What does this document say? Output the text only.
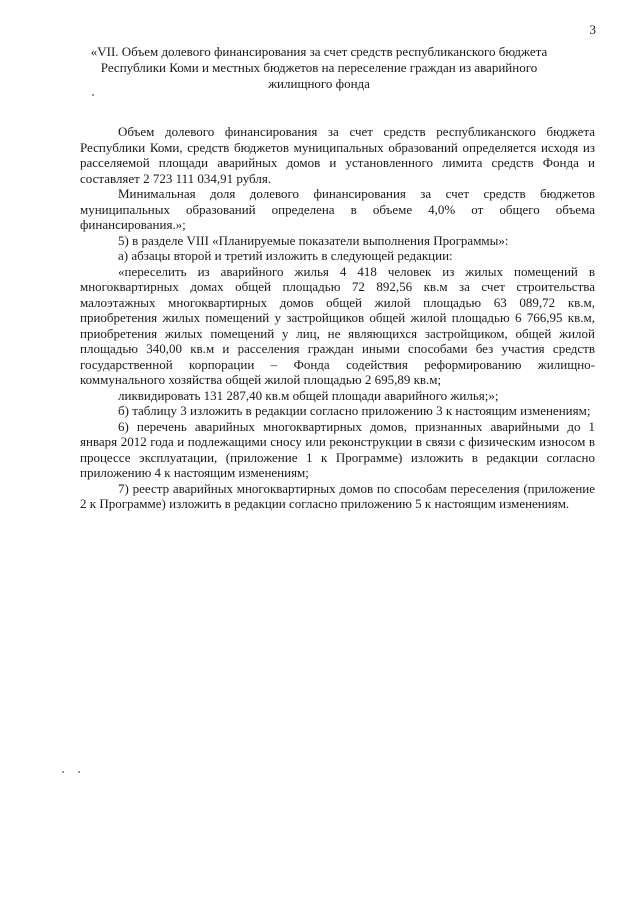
3

«VII. Объем долевого финансирования за счет средств республиканского бюджета Республики Коми и местных бюджетов на переселение граждан из аварийного жилищного фонда

Объем долевого финансирования за счет средств республиканского бюджета Республики Коми, средств бюджетов муниципальных образований определяется исходя из расселяемой площади аварийных домов и установленного лимита средств Фонда и составляет 2 723 111 034,91 рубля.

Минимальная доля долевого финансирования за счет средств бюджетов муниципальных образований определена в объеме 4,0% от общего объема финансирования.»;

5) в разделе VIII «Планируемые показатели выполнения Программы»:

а) абзацы второй и третий изложить в следующей редакции:

«переселить из аварийного жилья 4 418 человек из жилых помещений в многоквартирных домах общей площадью 72 892,56 кв.м за счет строительства малоэтажных многоквартирных домов общей жилой площадью 63 089,72 кв.м, приобретения жилых помещений у застройщиков общей жилой площадью 6 766,95 кв.м, приобретения жилых помещений у лиц, не являющихся застройщиком, общей жилой площадью 340,00 кв.м и расселения граждан иными способами без участия средств государственной корпорации – Фонда содействия реформированию жилищно-коммунального хозяйства общей жилой площадью 2 695,89 кв.м;

ликвидировать 131 287,40 кв.м общей площади аварийного жилья;»;

б) таблицу 3 изложить в редакции согласно приложению 3 к настоящим изменениям;

6) перечень аварийных многоквартирных домов, признанных аварийными до 1 января 2012 года и подлежащими сносу или реконструкции в связи с физическим износом в процессе эксплуатации, (приложение 1 к Программе) изложить в редакции согласно приложению 4 к настоящим изменениям;

7) реестр аварийных многоквартирных домов по способам переселения (приложение 2 к Программе) изложить в редакции согласно приложению 5 к настоящим изменениям.
